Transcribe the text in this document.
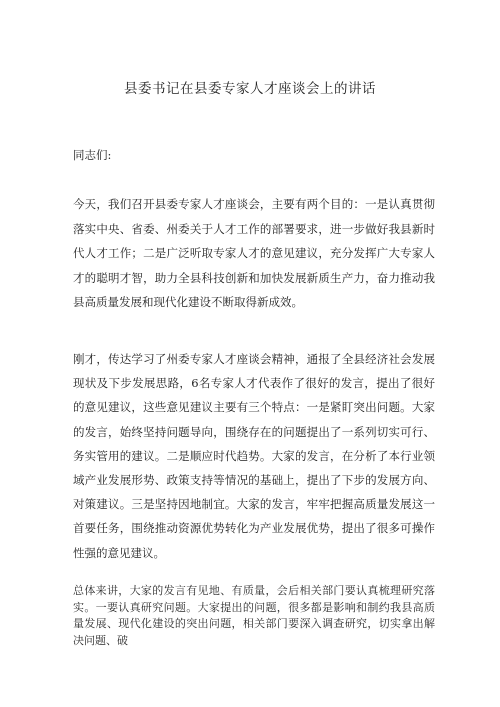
县委书记在县委专家人才座谈会上的讲话
同志们:

今天，我们召开县委专家人才座谈会，主要有两个目的：一是认真贯彻落实中央、省委、州委关于人才工作的部署要求，进一步做好我县新时代人才工作；二是广泛听取专家人才的意见建议，充分发挥广大专家人才的聪明才智，助力全县科技创新和加快发展新质生产力，奋力推动我县高质量发展和现代化建设不断取得新成效。

刚才，传达学习了州委专家人才座谈会精神，通报了全县经济社会发展现状及下步发展思路，6名专家人才代表作了很好的发言，提出了很好的意见建议，这些意见建议主要有三个特点：一是紧盯突出问题。大家的发言，始终坚持问题导向，围绕存在的问题提出了一系列切实可行、务实管用的建议。二是顺应时代趋势。大家的发言，在分析了本行业领域产业发展形势、政策支持等情况的基础上，提出了下步的发展方向、对策建议。三是坚持因地制宜。大家的发言，牢牢把握高质量发展这一首要任务，围绕推动资源优势转化为产业发展优势，提出了很多可操作性强的意见建议。

总体来讲，大家的发言有见地、有质量，会后相关部门要认真梳理研究落实。一要认真研究问题。大家提出的问题，很多都是影响和制约我县高质量发展、现代化建设的突出问题，相关部门要深入调查研究，切实拿出解决问题、破
